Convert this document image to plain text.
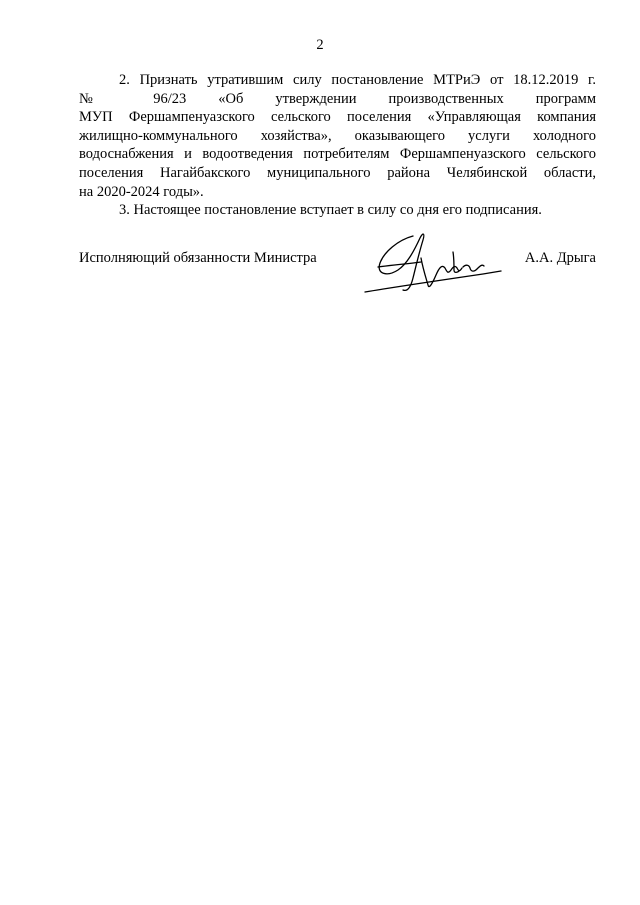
2
2. Признать утратившим силу постановление МТРиЭ от 18.12.2019 г.
№ 96/23 «Об утверждении производственных программ
МУП Фершампенуазского сельского поселения «Управляющая компания
жилищно-коммунального хозяйства», оказывающего услуги холодного
водоснабжения и водоотведения потребителям Фершампенуазского сельского
поселения Нагайбакского муниципального района Челябинской области,
на 2020-2024 годы».
3. Настоящее постановление вступает в силу со дня его подписания.
Исполняющий обязанности Министра	А.А. Дрыга
